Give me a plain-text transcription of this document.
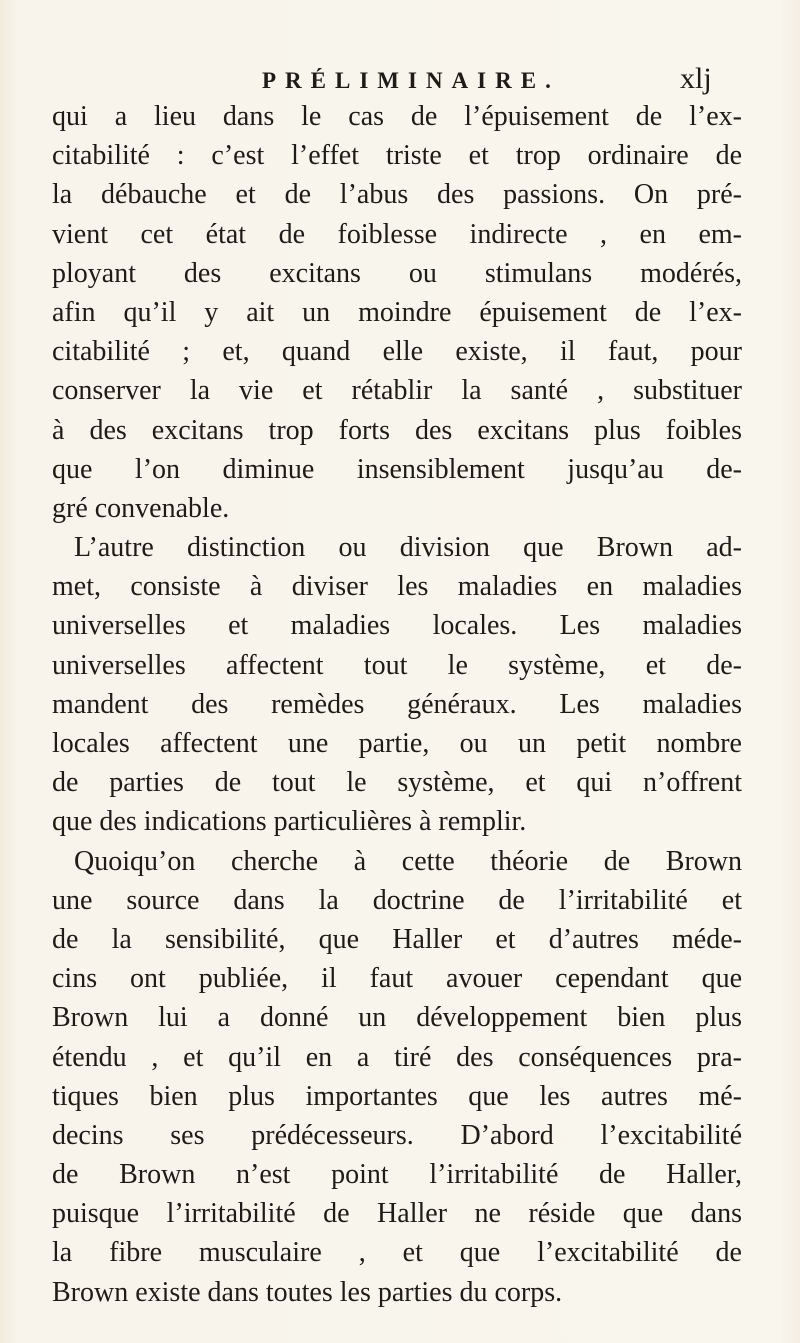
PRÉLIMINAIRE.	xlj
qui a lieu dans le cas de l’épuisement de l’ex-
citabilité : c’est l’effet triste et trop ordinaire de
la débauche et de l’abus des passions. On pré-
vient cet état de foiblesse indirecte , en em-
ployant des excitans ou stimulans modérés,
afin qu’il y ait un moindre épuisement de l’ex-
citabilité ; et, quand elle existe, il faut, pour
conserver la vie et rétablir la santé , substituer
à des excitans trop forts des excitans plus foibles
que l’on diminue insensiblement jusqu’au de-
gré convenable.
L’autre distinction ou division que Brown ad-
met, consiste à diviser les maladies en maladies
universelles et maladies locales. Les maladies
universelles affectent tout le système, et de-
mandent des remèdes généraux. Les maladies
locales affectent une partie, ou un petit nombre
de parties de tout le système, et qui n’offrent
que des indications particulières à remplir.
Quoiqu’on cherche à cette théorie de Brown
une source dans la doctrine de l’irritabilité et
de la sensibilité, que Haller et d’autres méde-
cins ont publiée, il faut avouer cependant que
Brown lui a donné un développement bien plus
étendu , et qu’il en a tiré des conséquences pra-
tiques bien plus importantes que les autres mé-
decins ses prédécesseurs. D’abord l’excitabilité
de Brown n’est point l’irritabilité de Haller,
puisque l’irritabilité de Haller ne réside que dans
la fibre musculaire , et que l’excitabilité de
Brown existe dans toutes les parties du corps.
